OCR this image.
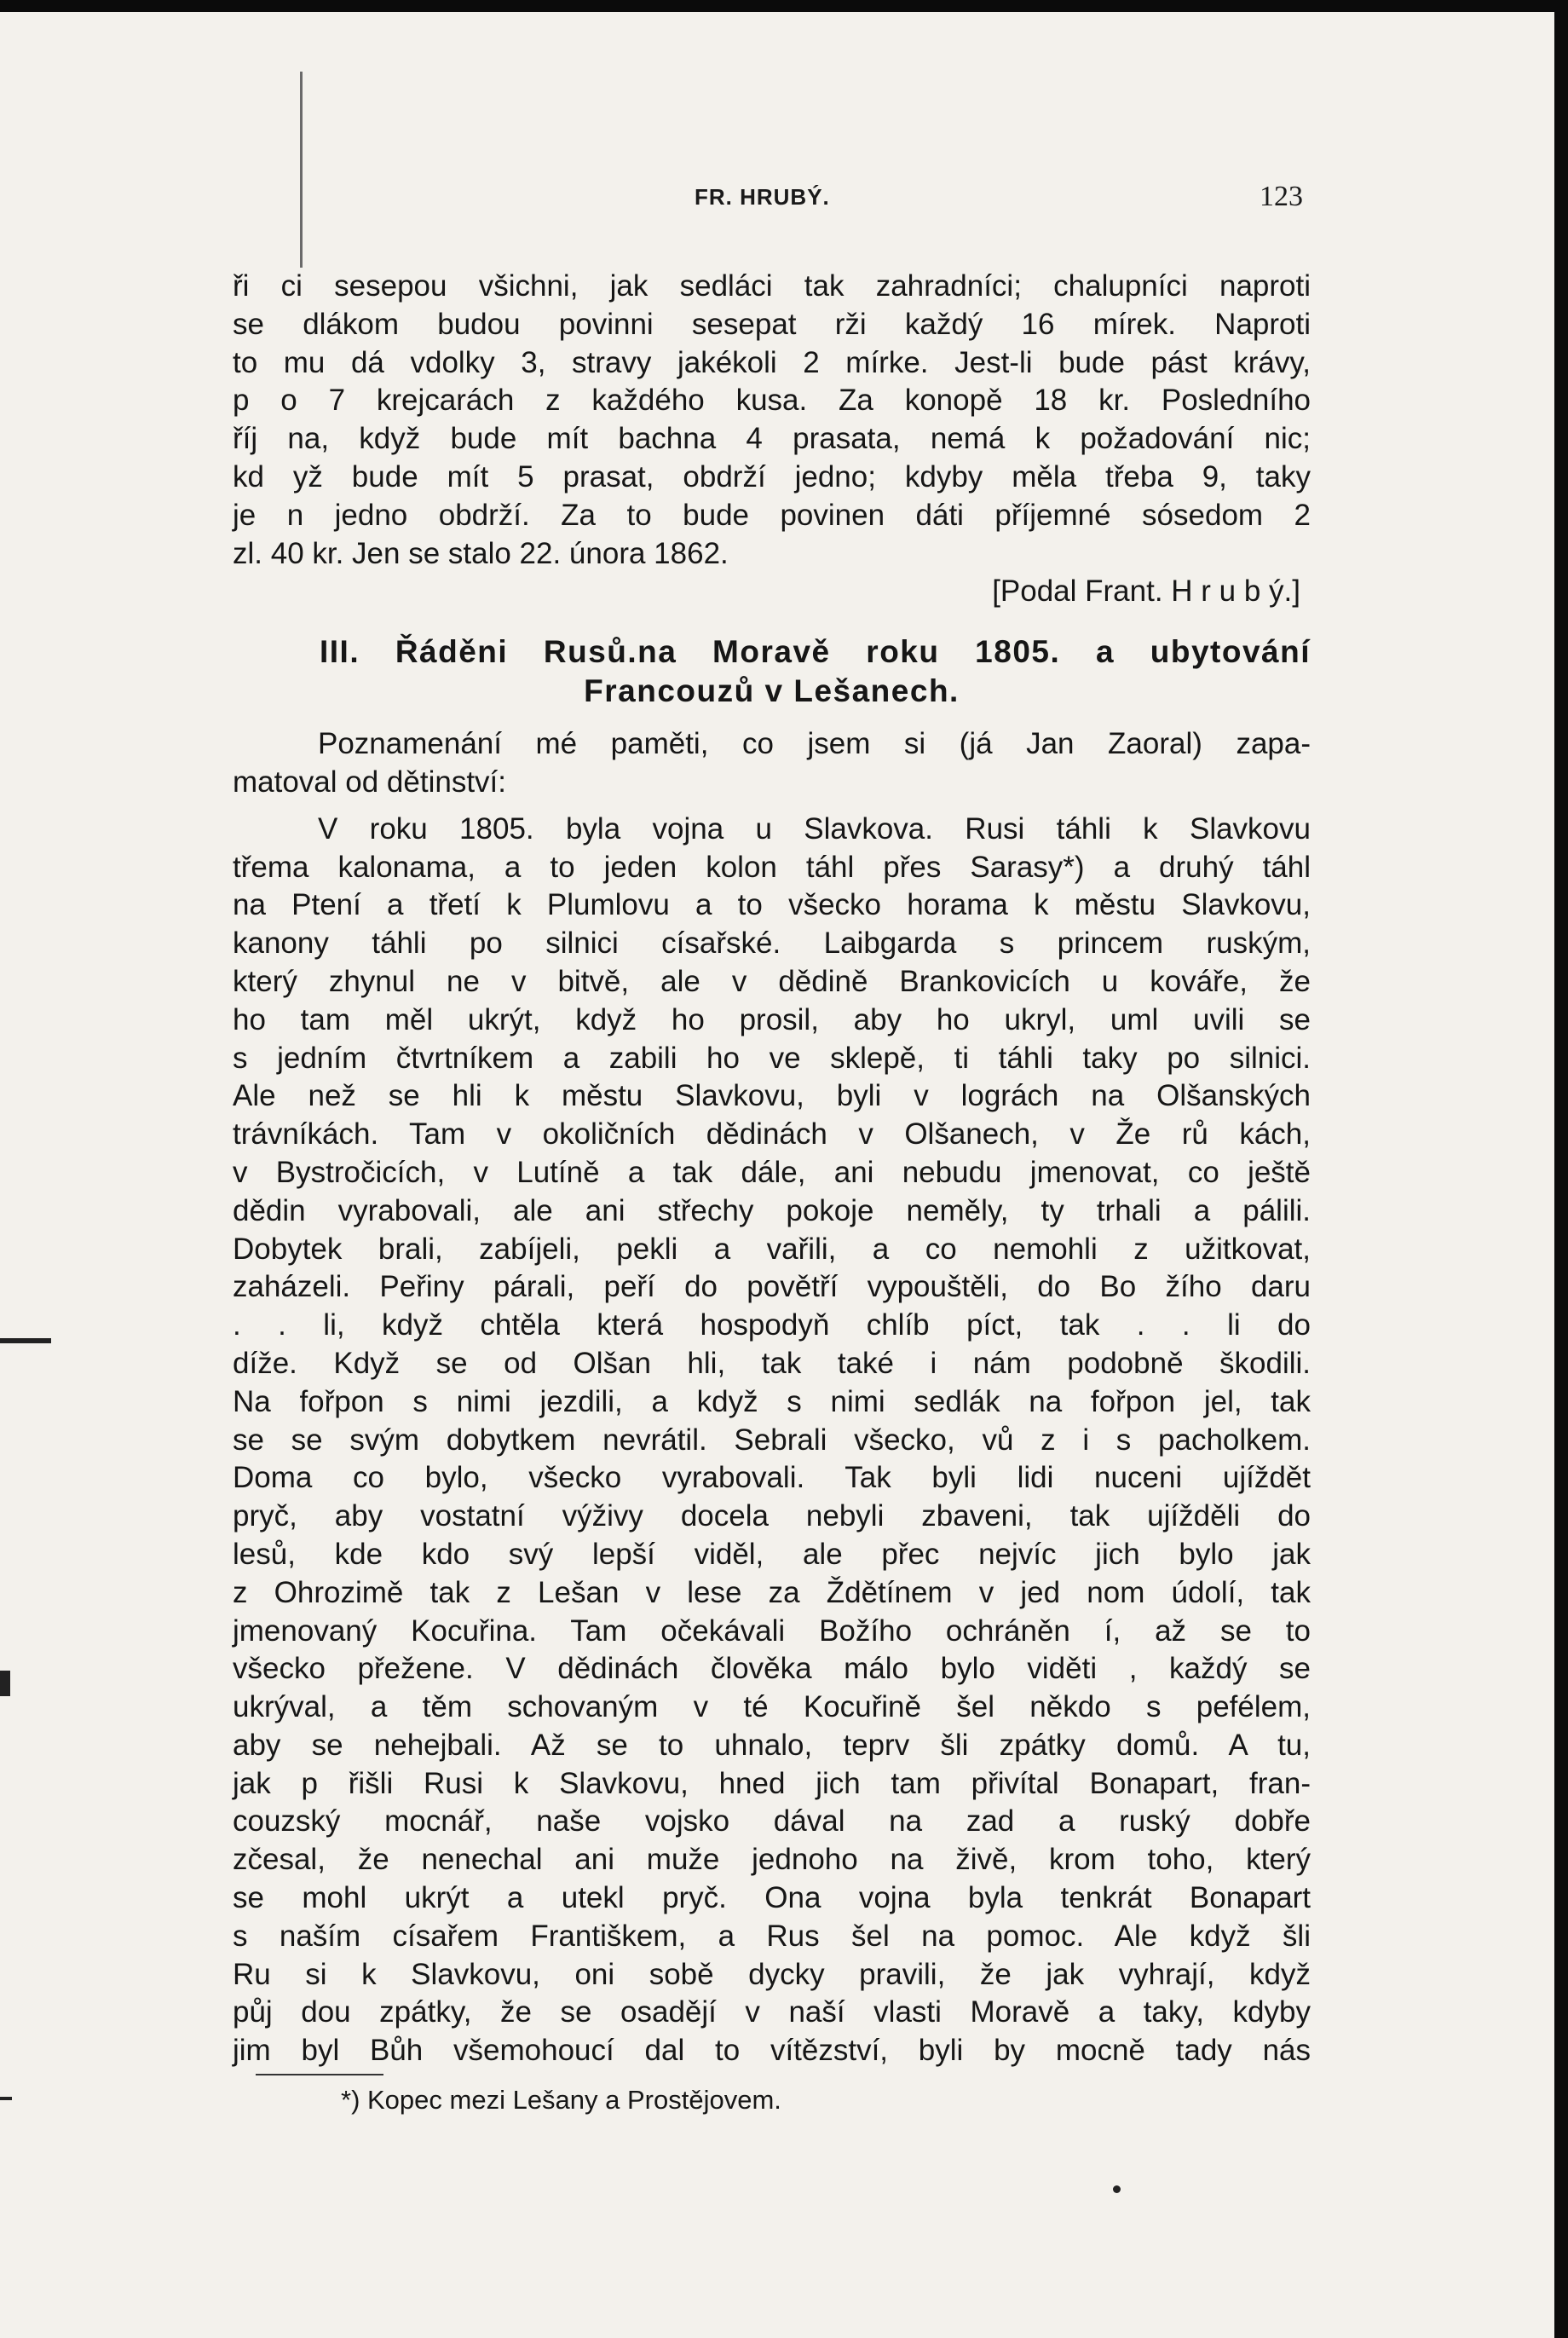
FR. HRUBÝ.	123
ři ci sesepou všichni, jak sedláci tak zahradníci; chalupníci naproti
se dlákom budou povinni sesepat rži každý 16 mírek. Naproti
to mu dá vdolky 3, stravy jakékoli 2 mírke. Jest-li bude pást krávy,
p o 7 krejcarách z každého kusa. Za konopě 18 kr. Posledního
říj na, když bude mít bachna 4 prasata, nemá k požadování nic;
kd yž bude mít 5 prasat, obdrží jedno; kdyby měla třeba 9, taky
je n jedno obdrží. Za to bude povinen dáti příjemné sósedom 2
zl. 40 kr. Jen se stalo 22. února 1862.
[Podal Frant. H r u b ý.]
III. Řáděni Rusů.na Moravě roku 1805. a ubytování
Francouzů v Lešanech.
Poznamenání mé paměti, co jsem si (já Jan Zaoral) zapa-
matoval od dětinství:
V roku 1805. byla vojna u Slavkova. Rusi táhli k Slavkovu
třema kalonama, a to jeden kolon táhl přes Sarasy*) a druhý táhl
na Ptení a třetí k Plumlovu a to všecko horama k městu Slavkovu,
kanony táhli po silnici císařské. Laibgarda s princem ruským,
který zhynul ne v bitvě, ale v dědině Brankovicích u kováře, že
ho tam měl ukrýt, když ho prosil, aby ho ukryl, uml uvili se
s jedním čtvrtníkem a zabili ho ve sklepě, ti táhli taky po silnici.
Ale než se hli k městu Slavkovu, byli v lográch na Olšanských
trávníkách. Tam v okoličních dědinách v Olšanech, v Že rů kách,
v Bystročicích, v Lutíně a tak dále, ani nebudu jmenovat, co ještě
dědin vyrabovali, ale ani střechy pokoje neměly, ty trhali a pálili.
Dobytek brali, zabíjeli, pekli a vařili, a co nemohli z užitkovat,
zaházeli. Peřiny párali, peří do povětří vypouštěli, do Bo žího daru
. . li, když chtěla která hospodyň chlíb píct, tak . . li do
díže. Když se od Olšan hli, tak také i nám podobně škodili.
Na fořpon s nimi jezdili, a když s nimi sedlák na fořpon jel, tak
se se svým dobytkem nevrátil. Sebrali všecko, vů z i s pacholkem.
Doma co bylo, všecko vyrabovali. Tak byli lidi nuceni ujíždět
pryč, aby vostatní výživy docela nebyli zbaveni, tak ujížděli do
lesů, kde kdo svý lepší viděl, ale přec nejvíc jich bylo jak
z Ohrozimě tak z Lešan v lese za Ždětínem v jed nom údolí, tak
jmenovaný Kocuřina. Tam očekávali Božího ochráněn í, až se to
všecko přežene. V dědinách člověka málo bylo viděti , každý se
ukrýval, a těm schovaným v té Kocuřině šel někdo s pefélem,
aby se nehejbali. Až se to uhnalo, teprv šli zpátky domů. A tu,
jak p řišli Rusi k Slavkovu, hned jich tam přivítal Bonapart, fran-
couzský mocnář, naše vojsko dával na zad a ruský dobře
zčesal, že nenechal ani muže jednoho na živě, krom toho, který
se mohl ukrýt a utekl pryč. Ona vojna byla tenkrát Bonapart
s naším císařem Františkem, a Rus šel na pomoc. Ale když šli
Ru si k Slavkovu, oni sobě dycky pravili, že jak vyhrají, když
půj dou zpátky, že se osadějí v naší vlasti Moravě a taky, kdyby
jim byl Bůh všemohoucí dal to vítězství, byli by mocně tady nás
*) Kopec mezi Lešany a Prostějovem.
